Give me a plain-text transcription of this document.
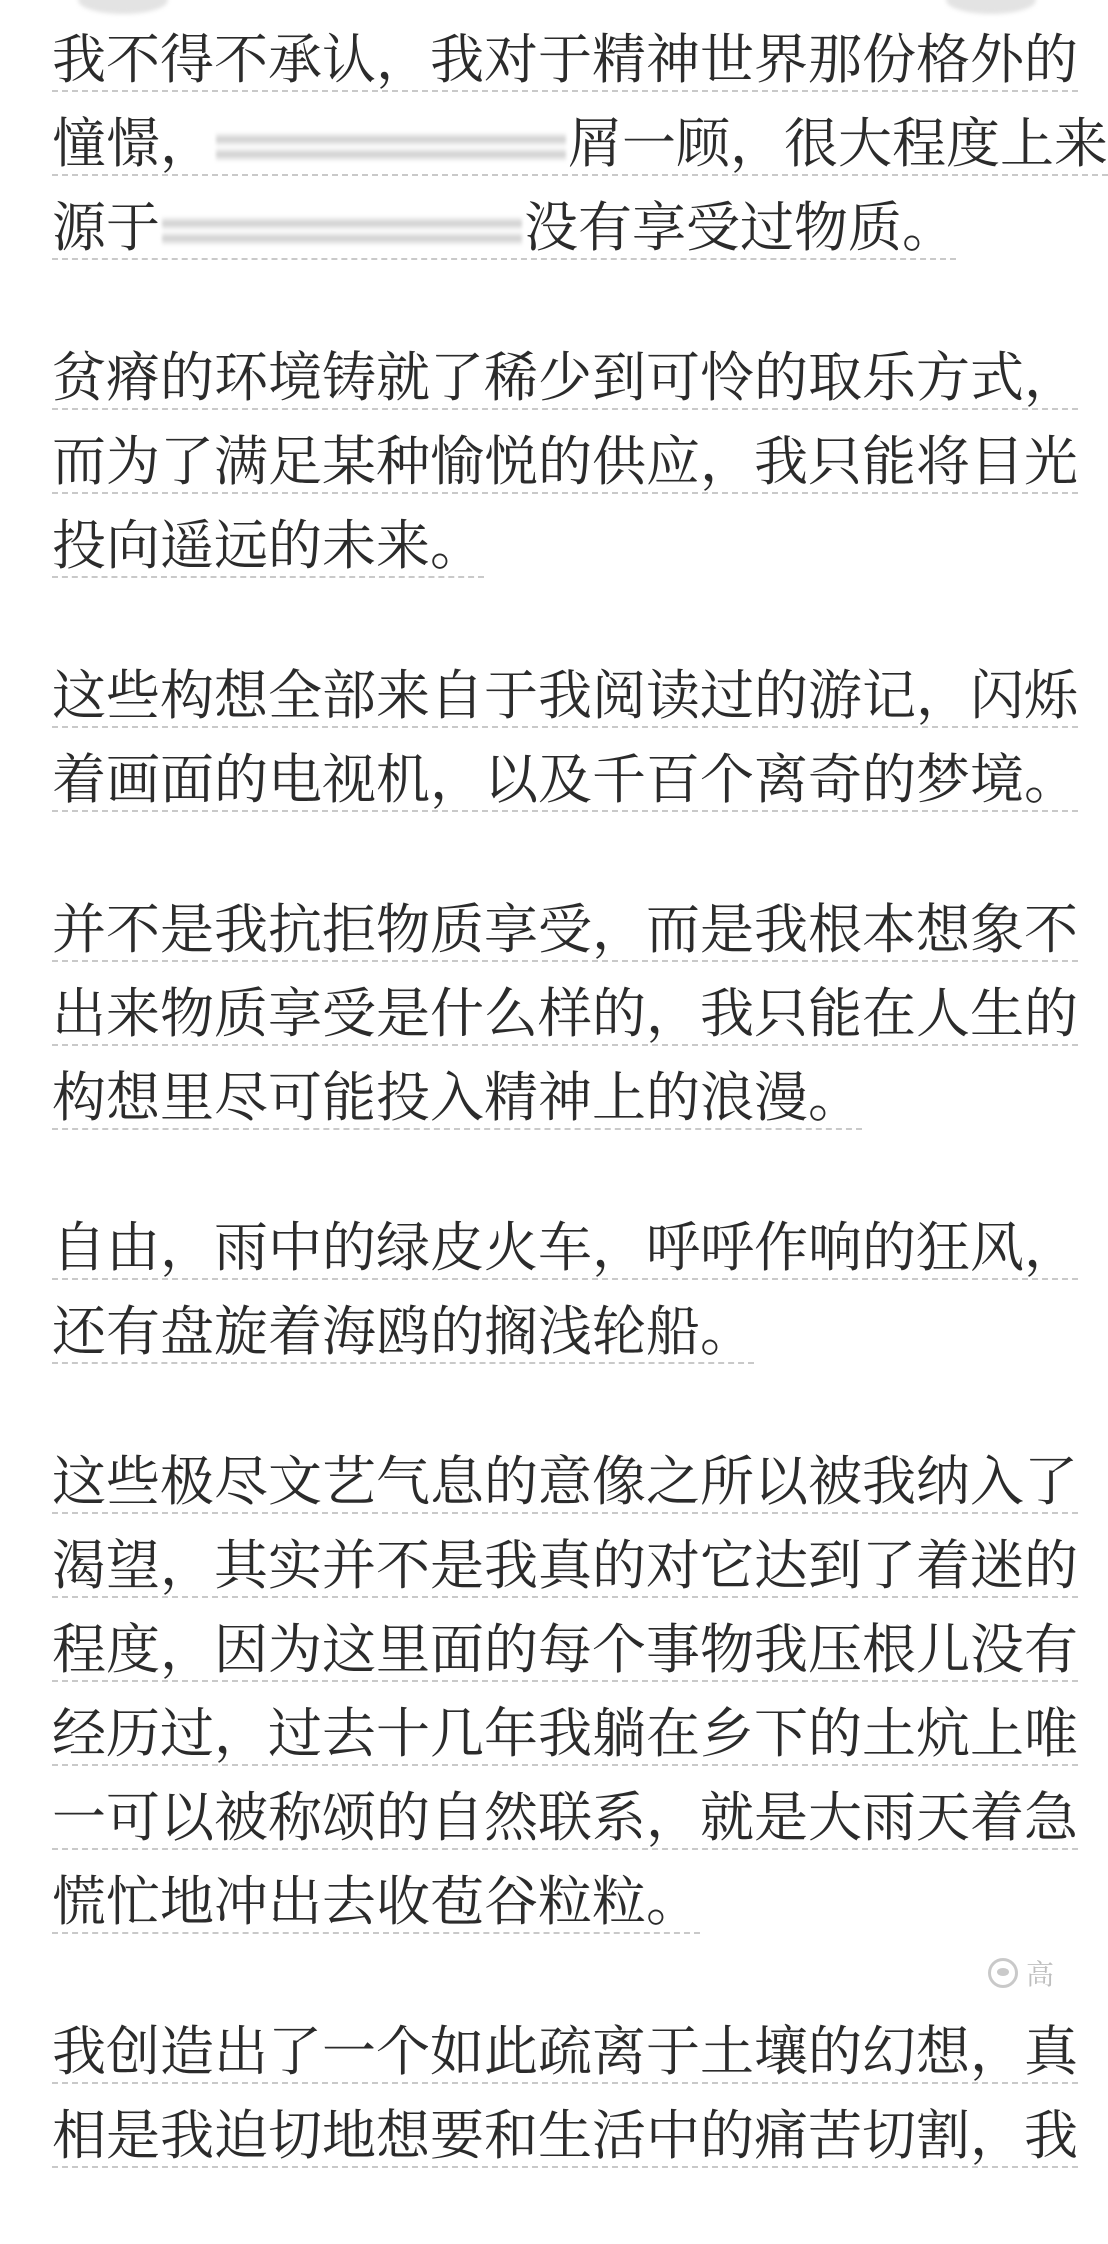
我不得不承认，我对于精神世界那份格外的
憧憬，	屑一顾，很大程度上来
源于	没有享受过物质。
贫瘠的环境铸就了稀少到可怜的取乐方式，
而为了满足某种愉悦的供应，我只能将目光
投向遥远的未来。
这些构想全部来自于我阅读过的游记，闪烁
着画面的电视机，以及千百个离奇的梦境。
并不是我抗拒物质享受，而是我根本想象不
出来物质享受是什么样的，我只能在人生的
构想里尽可能投入精神上的浪漫。
自由，雨中的绿皮火车，呼呼作响的狂风，
还有盘旋着海鸥的搁浅轮船。
这些极尽文艺气息的意像之所以被我纳入了
渴望，其实并不是我真的对它达到了着迷的
程度，因为这里面的每个事物我压根儿没有
经历过，过去十几年我躺在乡下的土炕上唯
一可以被称颂的自然联系，就是大雨天着急
慌忙地冲出去收苞谷粒粒。
我创造出了一个如此疏离于土壤的幻想，真
相是我迫切地想要和生活中的痛苦切割，我
高
